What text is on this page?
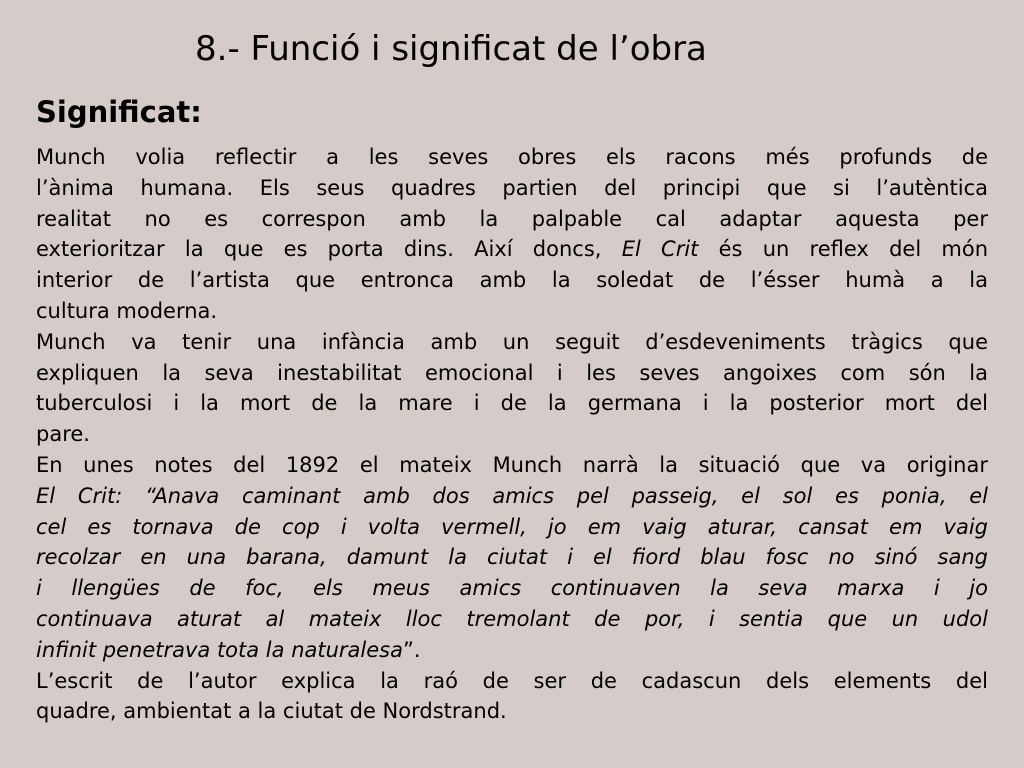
8.- Funció i significat de l’obra
Significat:
Munch volia reflectir a les seves obres els racons més profunds de
l’ànima humana. Els seus quadres partien del principi que si l’autèntica
realitat no es correspon amb la palpable cal adaptar aquesta per
exterioritzar la que es porta dins. Així doncs, El Crit és un reflex del món
interior de l’artista que entronca amb la soledat de l’ésser humà a la
cultura moderna.
Munch va tenir una infància amb un seguit d’esdeveniments tràgics que
expliquen la seva inestabilitat emocional i les seves angoixes com són la
tuberculosi i la mort de la mare i de la germana i la posterior mort del
pare.
En unes notes del 1892 el mateix Munch narrà la situació que va originar
El Crit: “Anava caminant amb dos amics pel passeig, el sol es ponia, el
cel es tornava de cop i volta vermell, jo em vaig aturar, cansat em vaig
recolzar en una barana, damunt la ciutat i el fiord blau fosc no sinó sang
i llengües de foc, els meus amics continuaven la seva marxa i jo
continuava aturat al mateix lloc tremolant de por, i sentia que un udol
infinit penetrava tota la naturalesa”.
L’escrit de l’autor explica la raó de ser de cadascun dels elements del
quadre, ambientat a la ciutat de Nordstrand.
